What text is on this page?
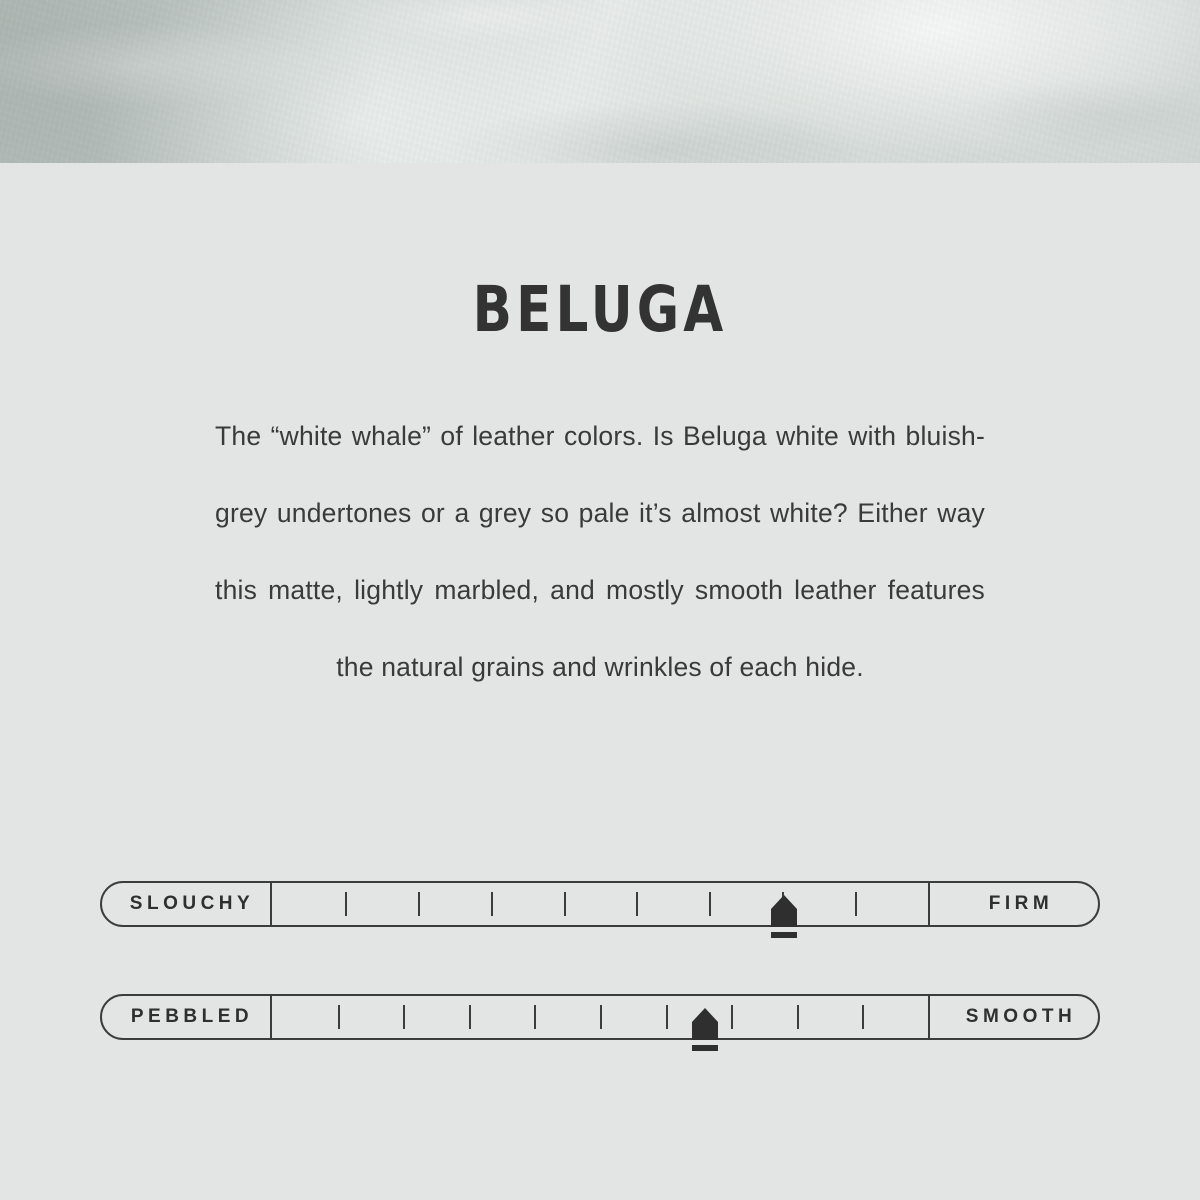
BELUGA

The “white whale” of leather colors. Is Beluga white with bluish-grey undertones or a grey so pale it’s almost white? Either way this matte, lightly marbled, and mostly smooth leather features the natural grains and wrinkles of each hide.

SLOUCHY	FIRM
PEBBLED	SMOOTH
